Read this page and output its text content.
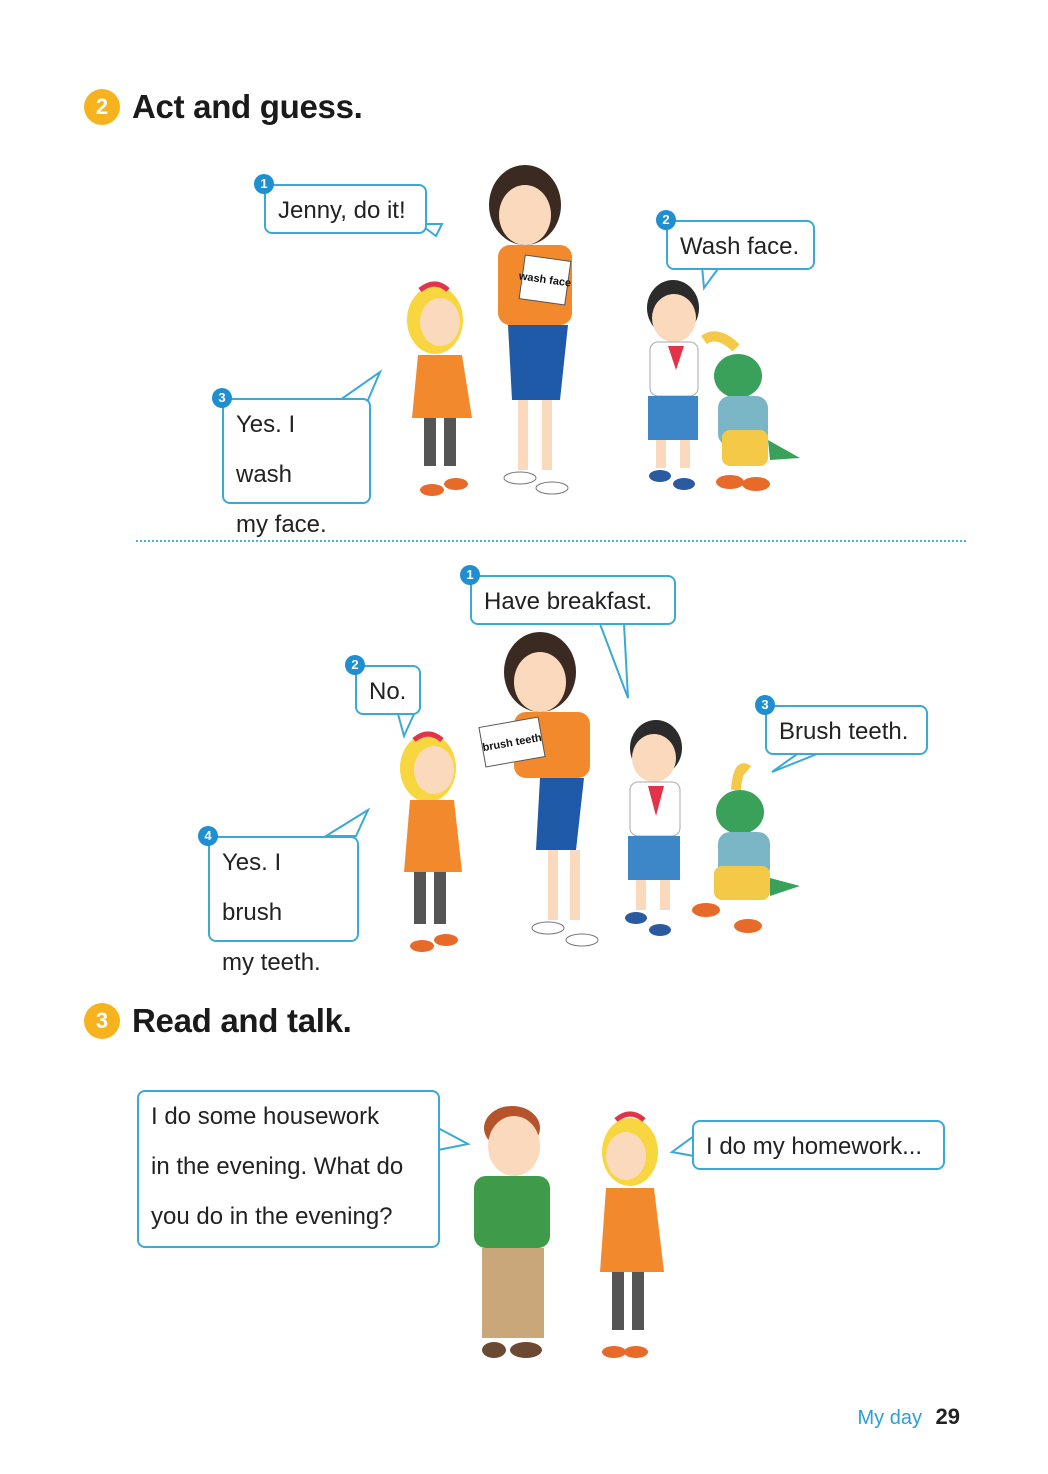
2 Act and guess.
wash face
brush teeth
1
Jenny, do it!	2
Wash face.
3
Yes. I wash
my face.
1
Have breakfast.
2
No.	3
Brush teeth.
4
Yes. I brush
my teeth.
3 Read and talk.
I do some housework
in the evening. What do
you do in the evening?
I do my homework...
My day 29
